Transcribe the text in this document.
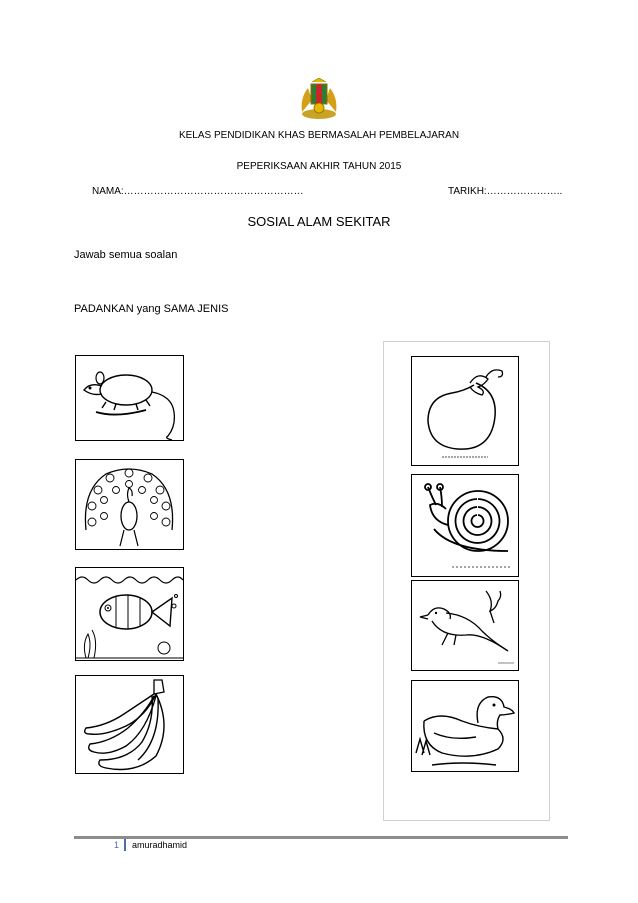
KELAS PENDIDIKAN KHAS BERMASALAH PEMBELAJARAN
PEPERIKSAAN AKHIR TAHUN 2015
NAMA:………………………………………………	TARIKH:…………………..
SOSIAL ALAM SEKITAR
Jawab semua soalan
PADANKAN yang SAMA JENIS
1 amuradhamid
